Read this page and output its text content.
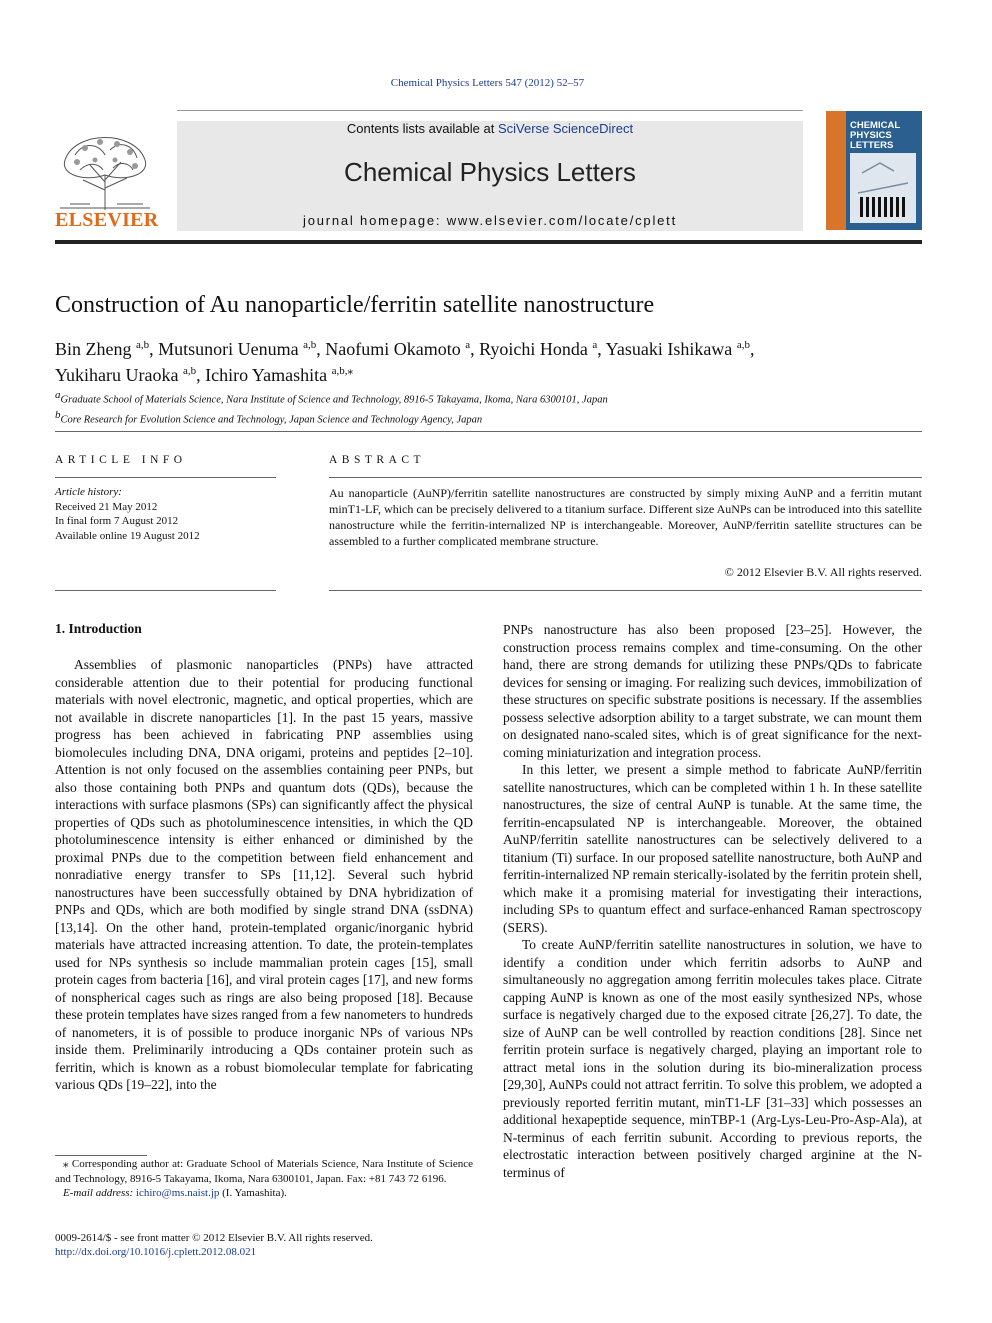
Chemical Physics Letters 547 (2012) 52–57
ELSEVIER
Contents lists available at SciVerse ScienceDirect
Chemical Physics Letters
journal homepage: www.elsevier.com/locate/cplett
CHEMICAL
PHYSICS
LETTERS
Construction of Au nanoparticle/ferritin satellite nanostructure
Bin Zheng $^{a,b}$, Mutsunori Uenuma $^{a,b}$, Naofumi Okamoto $^a$, Ryoichi Honda $^a$, Yasuaki Ishikawa $^{a,b}$,
Yukiharu Uraoka $^{a,b}$, Ichiro Yamashita $^{a,b,⁎}$
$^a$Graduate School of Materials Science, Nara Institute of Science and Technology, 8916-5 Takayama, Ikoma, Nara 6300101, Japan
$^b$Core Research for Evolution Science and Technology, Japan Science and Technology Agency, Japan
ARTICLE INFO	ABSTRACT
Article history:
Received 21 May 2012
In final form 7 August 2012
Available online 19 August 2012
Au nanoparticle (AuNP)/ferritin satellite nanostructures are constructed by simply mixing AuNP and a ferritin mutant minT1-LF, which can be precisely delivered to a titanium surface. Different size AuNPs can be introduced into this satellite nanostructure while the ferritin-internalized NP is interchangeable. Moreover, AuNP/ferritin satellite structures can be assembled to a further complicated membrane structure.
© 2012 Elsevier B.V. All rights reserved.
1. Introduction

Assemblies of plasmonic nanoparticles (PNPs) have attracted considerable attention due to their potential for producing functional materials with novel electronic, magnetic, and optical properties, which are not available in discrete nanoparticles [1]. In the past 15 years, massive progress has been achieved in fabricating PNP assemblies using biomolecules including DNA, DNA origami, proteins and peptides [2–10]. Attention is not only focused on the assemblies containing peer PNPs, but also those containing both PNPs and quantum dots (QDs), because the interactions with surface plasmons (SPs) can significantly affect the physical properties of QDs such as photoluminescence intensities, in which the QD photoluminescence intensity is either enhanced or diminished by the proximal PNPs due to the competition between field enhancement and nonradiative energy transfer to SPs [11,12]. Several such hybrid nanostructures have been successfully obtained by DNA hybridization of PNPs and QDs, which are both modified by single strand DNA (ssDNA) [13,14]. On the other hand, protein-templated organic/inorganic hybrid materials have attracted increasing attention. To date, the protein-templates used for NPs synthesis so include mammalian protein cages [15], small protein cages from bacteria [16], and viral protein cages [17], and new forms of nonspherical cages such as rings are also being proposed [18]. Because these protein templates have sizes ranged from a few nanometers to hundreds of nanometers, it is of possible to produce inorganic NPs of various NPs inside them. Preliminarily introducing a QDs container protein such as ferritin, which is known as a robust biomolecular template for fabricating various QDs [19–22], into the

PNPs nanostructure has also been proposed [23–25]. However, the construction process remains complex and time-consuming. On the other hand, there are strong demands for utilizing these PNPs/QDs to fabricate devices for sensing or imaging. For realizing such devices, immobilization of these structures on specific substrate positions is necessary. If the assemblies possess selective adsorption ability to a target substrate, we can mount them on designated nano-scaled sites, which is of great significance for the next-coming miniaturization and integration process.

In this letter, we present a simple method to fabricate AuNP/ferritin satellite nanostructures, which can be completed within 1 h. In these satellite nanostructures, the size of central AuNP is tunable. At the same time, the ferritin-encapsulated NP is interchangeable. Moreover, the obtained AuNP/ferritin satellite nanostructures can be selectively delivered to a titanium (Ti) surface. In our proposed satellite nanostructure, both AuNP and ferritin-internalized NP remain sterically-isolated by the ferritin protein shell, which make it a promising material for investigating their interactions, including SPs to quantum effect and surface-enhanced Raman spectroscopy (SERS).

To create AuNP/ferritin satellite nanostructures in solution, we have to identify a condition under which ferritin adsorbs to AuNP and simultaneously no aggregation among ferritin molecules takes place. Citrate capping AuNP is known as one of the most easily synthesized NPs, whose surface is negatively charged due to the exposed citrate [26,27]. To date, the size of AuNP can be well controlled by reaction conditions [28]. Since net ferritin protein surface is negatively charged, playing an important role to attract metal ions in the solution during its bio-mineralization process [29,30], AuNPs could not attract ferritin. To solve this problem, we adopted a previously reported ferritin mutant, minT1-LF [31–33] which possesses an additional hexapeptide sequence, minTBP-1 (Arg-Lys-Leu-Pro-Asp-Ala), at N-terminus of each ferritin subunit. According to previous reports, the electrostatic interaction between positively charged arginine at the N-terminus of

⁎ Corresponding author at: Graduate School of Materials Science, Nara Institute of Science and Technology, 8916-5 Takayama, Ikoma, Nara 6300101, Japan. Fax: +81 743 72 6196.

E-mail address: ichiro@ms.naist.jp (I. Yamashita).

0009-2614/$ - see front matter © 2012 Elsevier B.V. All rights reserved.
http://dx.doi.org/10.1016/j.cplett.2012.08.021
